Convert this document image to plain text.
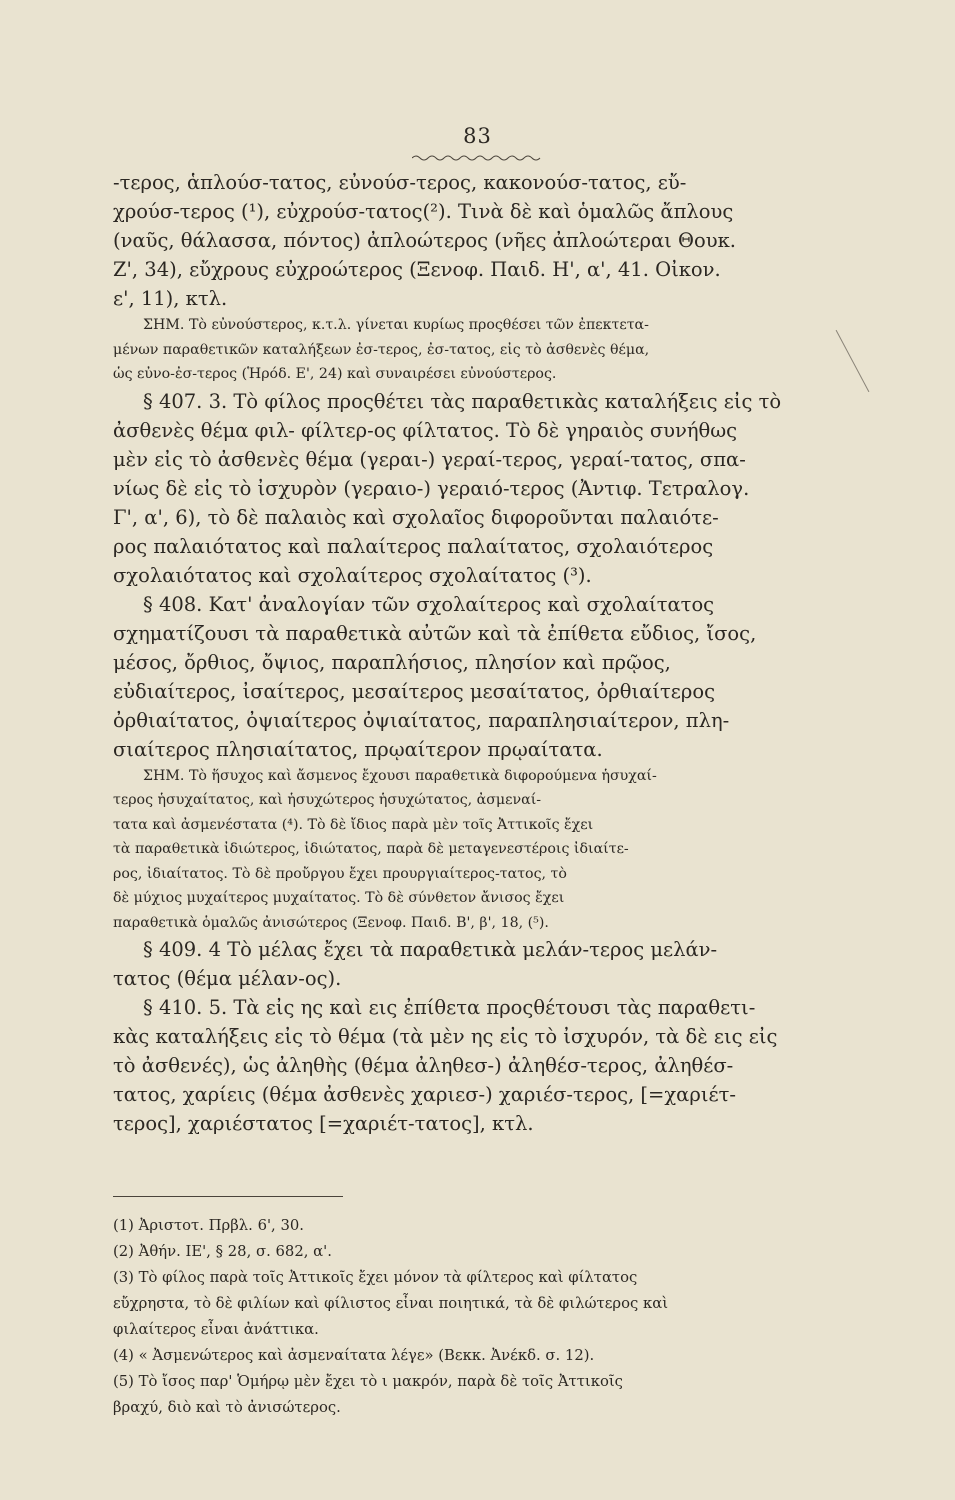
83
-τερος, ἁπλούσ-τατος, εὐνούσ-τερος, κακονούσ-τατος, εὔ-
χρούσ-τερος (¹), εὐχρούσ-τατος(²). Τινὰ δὲ καὶ ὁμαλῶς ἄπλους
(ναῦς, θάλασσα, πόντος) ἀπλοώτερος (νῆες ἀπλοώτεραι Θουκ.
Ζ', 34), εὔχρους εὐχροώτερος (Ξενοφ. Παιδ. Η', α', 41. Οἰκον.
ε', 11), κτλ.
ΣΗΜ. Τὸ εὐνούστερος, κ.τ.λ. γίνεται κυρίως προςθέσει τῶν ἐπεκτετα-
μένων παραθετικῶν καταλήξεων ἐσ-τερος, ἐσ-τατος, εἰς τὸ ἀσθενὲς θέμα,
ὡς εὐνο-ἐσ-τερος (Ἡρόδ. Ε', 24) καὶ συναιρέσει εὐνούστερος.
§ 407. 3. Τὸ φίλος προςθέτει τὰς παραθετικὰς καταλήξεις εἰς τὸ
ἀσθενὲς θέμα φιλ- φίλτερ-ος φίλτατος. Τὸ δὲ γηραιὸς συνήθως
μὲν εἰς τὸ ἀσθενὲς θέμα (γεραι-) γεραί-τερος, γεραί-τατος, σπα-
νίως δὲ εἰς τὸ ἰσχυρὸν (γεραιο-) γεραιό-τερος (Ἀντιφ. Τετραλογ.
Γ', α', 6), τὸ δὲ παλαιὸς καὶ σχολαῖος διφοροῦνται παλαιότε-
ρος παλαιότατος καὶ παλαίτερος παλαίτατος, σχολαιότερος
σχολαιότατος καὶ σχολαίτερος σχολαίτατος (³).
§ 408. Κατ' ἀναλογίαν τῶν σχολαίτερος καὶ σχολαίτατος
σχηματίζουσι τὰ παραθετικὰ αὐτῶν καὶ τὰ ἐπίθετα εὔδιος, ἴσος,
μέσος, ὄρθιος, ὄψιος, παραπλήσιος, πλησίον καὶ πρῷος,
εὐδιαίτερος, ἰσαίτερος, μεσαίτερος μεσαίτατος, ὀρθιαίτερος
ὀρθιαίτατος, ὀψιαίτερος ὀψιαίτατος, παραπλησιαίτερον, πλη-
σιαίτερος πλησιαίτατος, πρῳαίτερον πρῳαίτατα.
ΣΗΜ. Τὸ ἥσυχος καὶ ἄσμενος ἔχουσι παραθετικὰ διφορούμενα ἡσυχαί-
τερος ἡσυχαίτατος, καὶ ἡσυχώτερος ἡσυχώτατος, ἀσμεναί-
τατα καὶ ἀσμενέστατα (⁴). Τὸ δὲ ἴδιος παρὰ μὲν τοῖς Ἀττικοῖς ἔχει
τὰ παραθετικὰ ἰδιώτερος, ἰδιώτατος, παρὰ δὲ μεταγενεστέροις ἰδιαίτε-
ρος, ἰδιαίτατος. Τὸ δὲ προὔργου ἔχει προυργιαίτερος-τατος, τὸ
δὲ μύχιος μυχαίτερος μυχαίτατος. Τὸ δὲ σύνθετον ἄνισος ἔχει
παραθετικὰ ὁμαλῶς ἀνισώτερος (Ξενοφ. Παιδ. Β', β', 18, (⁵).
§ 409. 4 Τὸ μέλας ἔχει τὰ παραθετικὰ μελάν-τερος μελάν-
τατος (θέμα μέλαν-ος).
§ 410. 5. Τὰ εἰς ης καὶ εις ἐπίθετα προςθέτουσι τὰς παραθετι-
κὰς καταλήξεις εἰς τὸ θέμα (τὰ μὲν ης εἰς τὸ ἰσχυρόν, τὰ δὲ εις εἰς
τὸ ἀσθενές), ὡς ἀληθὴς (θέμα ἀληθεσ-) ἀληθέσ-τερος, ἀληθέσ-
τατος, χαρίεις (θέμα ἀσθενὲς χαριεσ-) χαριέσ-τερος, [=χαριέτ-
τερος], χαριέστατος [=χαριέτ-τατος], κτλ.
(1) Ἀριστοτ. Πρβλ. 6', 30.
(2) Ἀθήν. ΙΕ', § 28, σ. 682, α'.
(3) Τὸ φίλος παρὰ τοῖς Ἀττικοῖς ἔχει μόνον τὰ φίλτερος καὶ φίλτατος
εὔχρηστα, τὸ δὲ φιλίων καὶ φίλιστος εἶναι ποιητικά, τὰ δὲ φιλώτερος καὶ
φιλαίτερος εἶναι ἀνάττικα.
(4) « Ἀσμενώτερος καὶ ἀσμεναίτατα λέγε» (Βεκκ. Ἀνέκδ. σ. 12).
(5) Τὸ ἴσος παρ' Ὁμήρῳ μὲν ἔχει τὸ ι μακρόν, παρὰ δὲ τοῖς Ἀττικοῖς
βραχύ, διὸ καὶ τὸ ἀνισώτερος.
